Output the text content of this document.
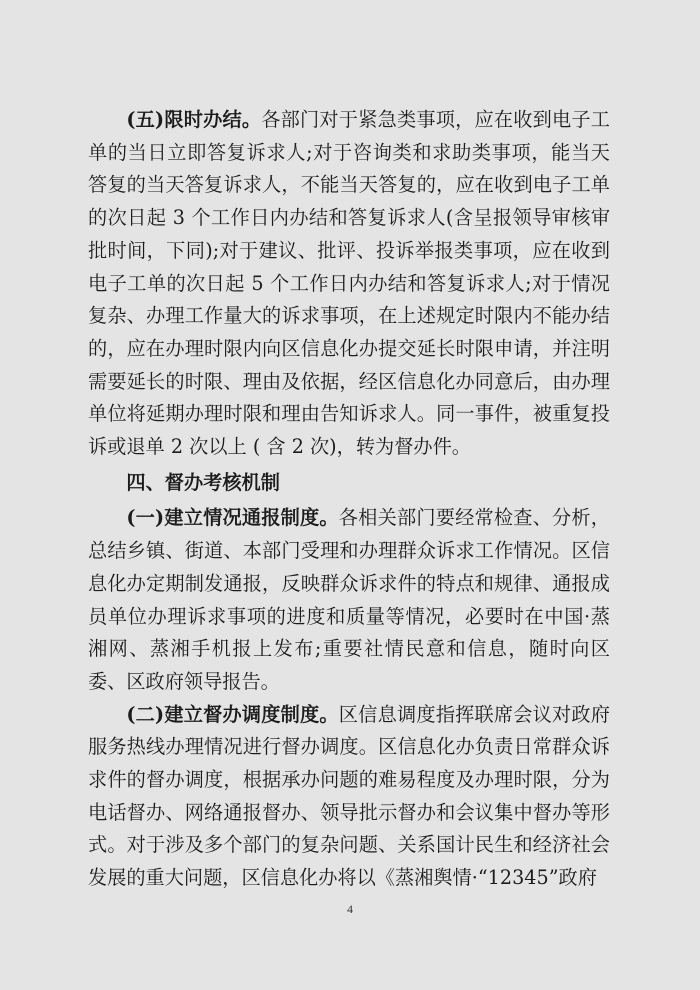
(五)限时办结。各部门对于紧急类事项，应在收到电子工单的当日立即答复诉求人;对于咨询类和求助类事项，能当天答复的当天答复诉求人，不能当天答复的，应在收到电子工单的次日起 3 个工作日内办结和答复诉求人(含呈报领导审核审批时间，下同);对于建议、批评、投诉举报类事项，应在收到电子工单的次日起 5 个工作日内办结和答复诉求人;对于情况复杂、办理工作量大的诉求事项，在上述规定时限内不能办结的，应在办理时限内向区信息化办提交延长时限申请，并注明需要延长的时限、理由及依据，经区信息化办同意后，由办理单位将延期办理时限和理由告知诉求人。同一事件，被重复投诉或退单 2 次以上 ( 含 2 次)，转为督办件。

四、督办考核机制

(一)建立情况通报制度。各相关部门要经常检查、分析，总结乡镇、街道、本部门受理和办理群众诉求工作情况。区信息化办定期制发通报，反映群众诉求件的特点和规律、通报成员单位办理诉求事项的进度和质量等情况，必要时在中国·蒸湘网、蒸湘手机报上发布;重要社情民意和信息，随时向区委、区政府领导报告。

(二)建立督办调度制度。区信息调度指挥联席会议对政府服务热线办理情况进行督办调度。区信息化办负责日常群众诉求件的督办调度，根据承办问题的难易程度及办理时限，分为电话督办、网络通报督办、领导批示督办和会议集中督办等形式。对于涉及多个部门的复杂问题、关系国计民生和经济社会发展的重大问题，区信息化办将以《蒸湘舆情·“12345”政府

4
